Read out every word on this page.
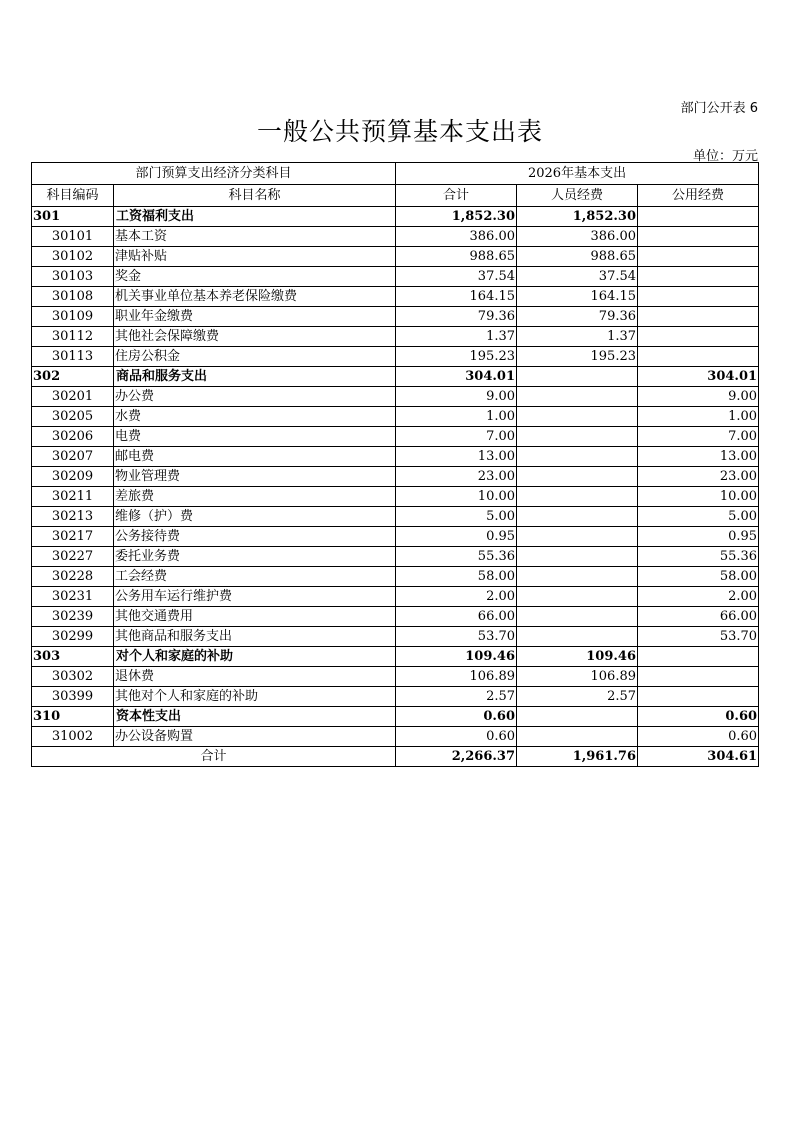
部门公开表 6
一般公共预算基本支出表
单位：万元
部门预算支出经济分类科目		2026年基本支出		
科目编码	科目名称	合计	人员经费	公用经费
301	工资福利支出	1,852.30	1,852.30	
30101	基本工资	386.00	386.00	
30102	津贴补贴	988.65	988.65	
30103	奖金	37.54	37.54	
30108	机关事业单位基本养老保险缴费	164.15	164.15	
30109	职业年金缴费	79.36	79.36	
30112	其他社会保障缴费	1.37	1.37	
30113	住房公积金	195.23	195.23	
302	商品和服务支出	304.01		304.01
30201	办公费	9.00		9.00
30205	水费	1.00		1.00
30206	电费	7.00		7.00
30207	邮电费	13.00		13.00
30209	物业管理费	23.00		23.00
30211	差旅费	10.00		10.00
30213	维修（护）费	5.00		5.00
30217	公务接待费	0.95		0.95
30227	委托业务费	55.36		55.36
30228	工会经费	58.00		58.00
30231	公务用车运行维护费	2.00		2.00
30239	其他交通费用	66.00		66.00
30299	其他商品和服务支出	53.70		53.70
303	对个人和家庭的补助	109.46	109.46	
30302	退休费	106.89	106.89	
30399	其他对个人和家庭的补助	2.57	2.57	
310	资本性支出	0.60		0.60
31002	办公设备购置	0.60		0.60
合计		2,266.37	1,961.76	304.61
